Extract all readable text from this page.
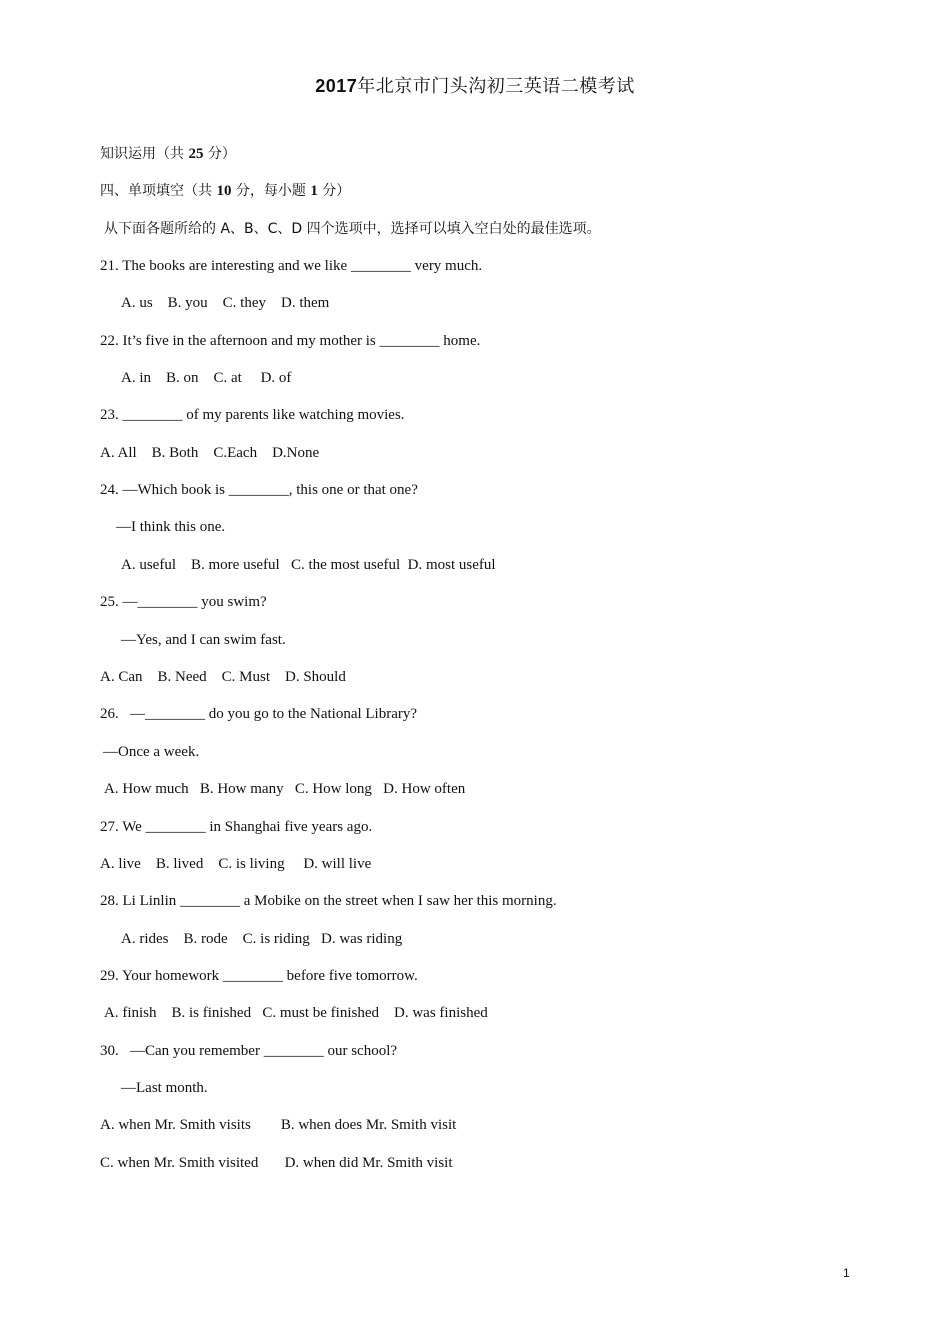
2017年北京市门头沟初三英语二模考试
知识运用（共 25 分）
四、单项填空（共 10 分，每小题 1 分）
从下面各题所给的 A、B、C、D 四个选项中，选择可以填入空白处的最佳选项。
21. The books are interesting and we like ________ very much.
A. us    B. you    C. they    D. them
22. It’s five in the afternoon and my mother is ________ home.
A. in    B. on    C. at     D. of
23. ________ of my parents like watching movies.
A. All    B. Both    C.Each    D.None
24. —Which book is ________, this one or that one?
—I think this one.
A. useful    B. more useful   C. the most useful  D. most useful
25. —________ you swim?
—Yes, and I can swim fast.
A. Can    B. Need    C. Must    D. Should
26.   —________ do you go to the National Library?
—Once a week.
A. How much   B. How many   C. How long   D. How often
27. We ________ in Shanghai five years ago.
A. live    B. lived    C. is living     D. will live
28. Li Linlin ________ a Mobike on the street when I saw her this morning.
A. rides    B. rode    C. is riding   D. was riding
29. Your homework ________ before five tomorrow.
A. finish    B. is finished   C. must be finished    D. was finished
30.   —Can you remember ________ our school?
—Last month.
A. when Mr. Smith visits        B. when does Mr. Smith visit
C. when Mr. Smith visited       D. when did Mr. Smith visit
1
